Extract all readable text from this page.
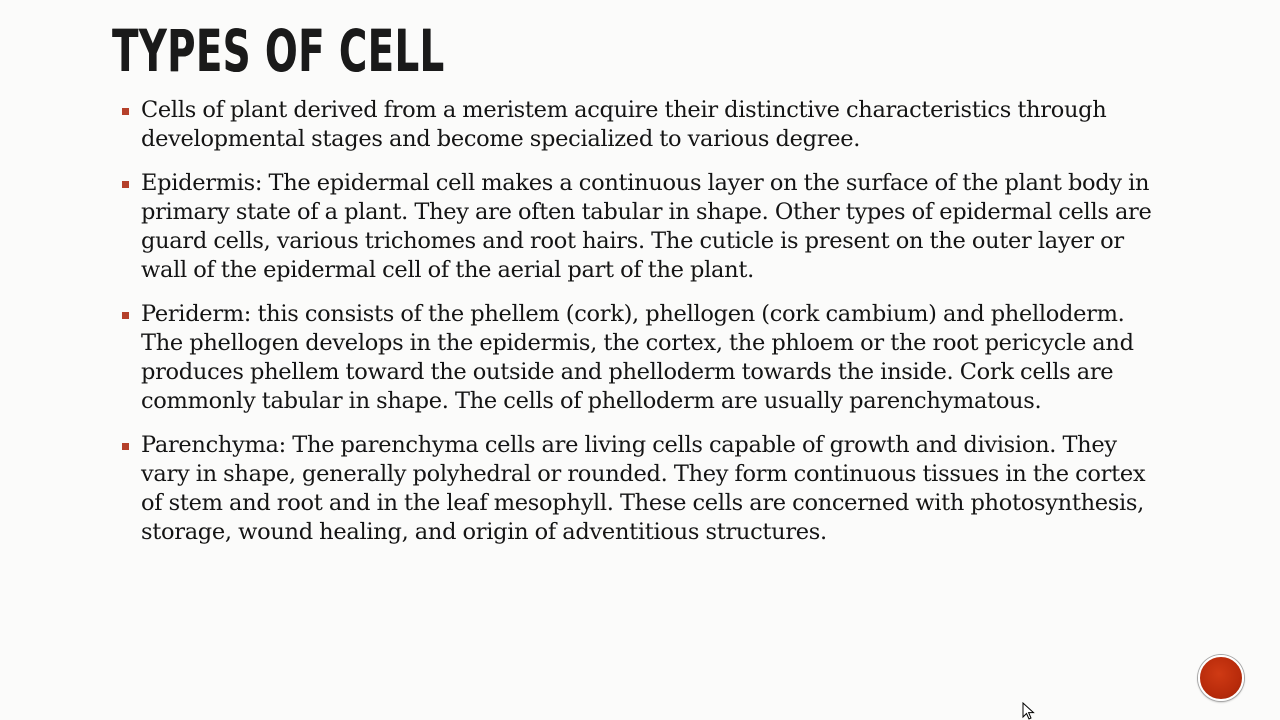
TYPES OF CELL
Cells of plant derived from a meristem acquire their distinctive characteristics through developmental stages and become specialized to various degree.
Epidermis: The epidermal cell makes a continuous layer on the surface of the plant body in primary state of a plant. They are often tabular in shape. Other types of epidermal cells are guard cells, various trichomes and root hairs. The cuticle is present on the outer layer or wall of the epidermal cell of the aerial part of the plant.
Periderm: this consists of the phellem (cork), phellogen (cork cambium) and phelloderm. The phellogen develops in the epidermis, the cortex, the phloem or the root pericycle and produces phellem toward the outside and phelloderm towards the inside. Cork cells are commonly tabular in shape. The cells of phelloderm are usually parenchymatous.
Parenchyma: The parenchyma cells are living cells capable of growth and division. They vary in shape, generally polyhedral or rounded. They form continuous tissues in the cortex of stem and root and in the leaf mesophyll. These cells are concerned with photosynthesis, storage, wound healing, and origin of adventitious structures.
